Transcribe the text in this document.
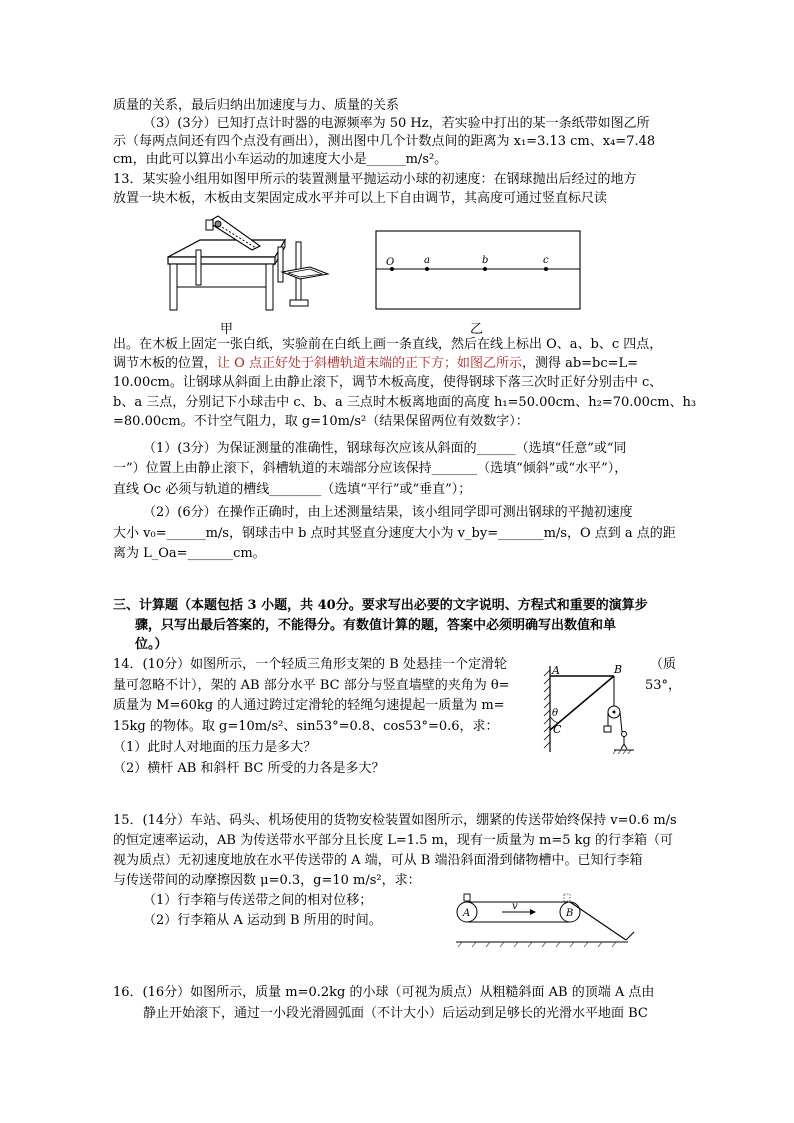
质量的关系，最后归纳出加速度与力、质量的关系
（3）(3分）已知打点计时器的电源频率为 50 Hz，若实验中打出的某一条纸带如图乙所
示（每两点间还有四个点没有画出），测出图中几个计数点间的距离为 x₁=3.13 cm、x₄=7.48
cm，由此可以算出小车运动的加速度大小是______m/s²。
13．某实验小组用如图甲所示的装置测量平抛运动小球的初速度：在钢球抛出后经过的地方
放置一块木板，木板由支架固定成水平并可以上下自由调节，其高度可通过竖直标尺读
甲
O	a	b	c
乙
出。在木板上固定一张白纸，实验前在白纸上画一条直线，然后在线上标出 O、a、b、c 四点，
调节木板的位置，让 O 点正好处于斜槽轨道末端的正下方；如图乙所示，测得 ab=bc=L=
10.00cm。让钢球从斜面上由静止滚下，调节木板高度，使得钢球下落三次时正好分别击中 c、
b、a 三点，分别记下小球击中 c、b、a 三点时木板离地面的高度 h₁=50.00cm、h₂=70.00cm、h₃
=80.00cm。不计空气阻力，取 g=10m/s²（结果保留两位有效数字）：
（1）(3分）为保证测量的准确性，钢球每次应该从斜面的______（选填“任意”或“同
一”）位置上由静止滚下，斜槽轨道的末端部分应该保持_______（选填“倾斜”或“水平”），
直线 Oc 必须与轨道的槽线________（选填“平行”或“垂直”）；
（2）(6分）在操作正确时，由上述测量结果，该小组同学即可测出钢球的平抛初速度
大小 v₀=______m/s，钢球击中 b 点时其竖直分速度大小为 v_by=_______m/s，O 点到 a 点的距
离为 L_Oa=_______cm。
三、计算题（本题包括 3 小题，共 40分。要求写出必要的文字说明、方程式和重要的演算步
骤，只写出最后答案的，不能得分。有数值计算的题，答案中必须明确写出数值和单
位。）
14．(10分）如图所示，一个轻质三角形支架的 B 处悬挂一个定滑轮	（质
量可忽略不计），架的 AB 部分水平 BC 部分与竖直墙壁的夹角为 θ=	53°，
质量为 M=60kg 的人通过跨过定滑轮的轻绳匀速提起一质量为 m=
15kg 的物体。取 g=10m/s²、sin53°=0.8、cos53°=0.6，求：
（1）此时人对地面的压力是多大？
（2）横杆 AB 和斜杆 BC 所受的力各是多大？
A	B
C
θ
15．(14分）车站、码头、机场使用的货物安检装置如图所示，绷紧的传送带始终保持 v=0.6 m/s
的恒定速率运动，AB 为传送带水平部分且长度 L=1.5 m，现有一质量为 m=5 kg 的行李箱（可
视为质点）无初速度地放在水平传送带的 A 端，可从 B 端沿斜面滑到储物槽中。已知行李箱
与传送带间的动摩擦因数 μ=0.3，g=10 m/s²，求：
（1）行李箱与传送带之间的相对位移；
（2）行李箱从 A 运动到 B 所用的时间。	A	B
v
16．(16分）如图所示，质量 m=0.2kg 的小球（可视为质点）从粗糙斜面 AB 的顶端 A 点由
静止开始滚下，通过一小段光滑圆弧面（不计大小）后运动到足够长的光滑水平地面 BC
